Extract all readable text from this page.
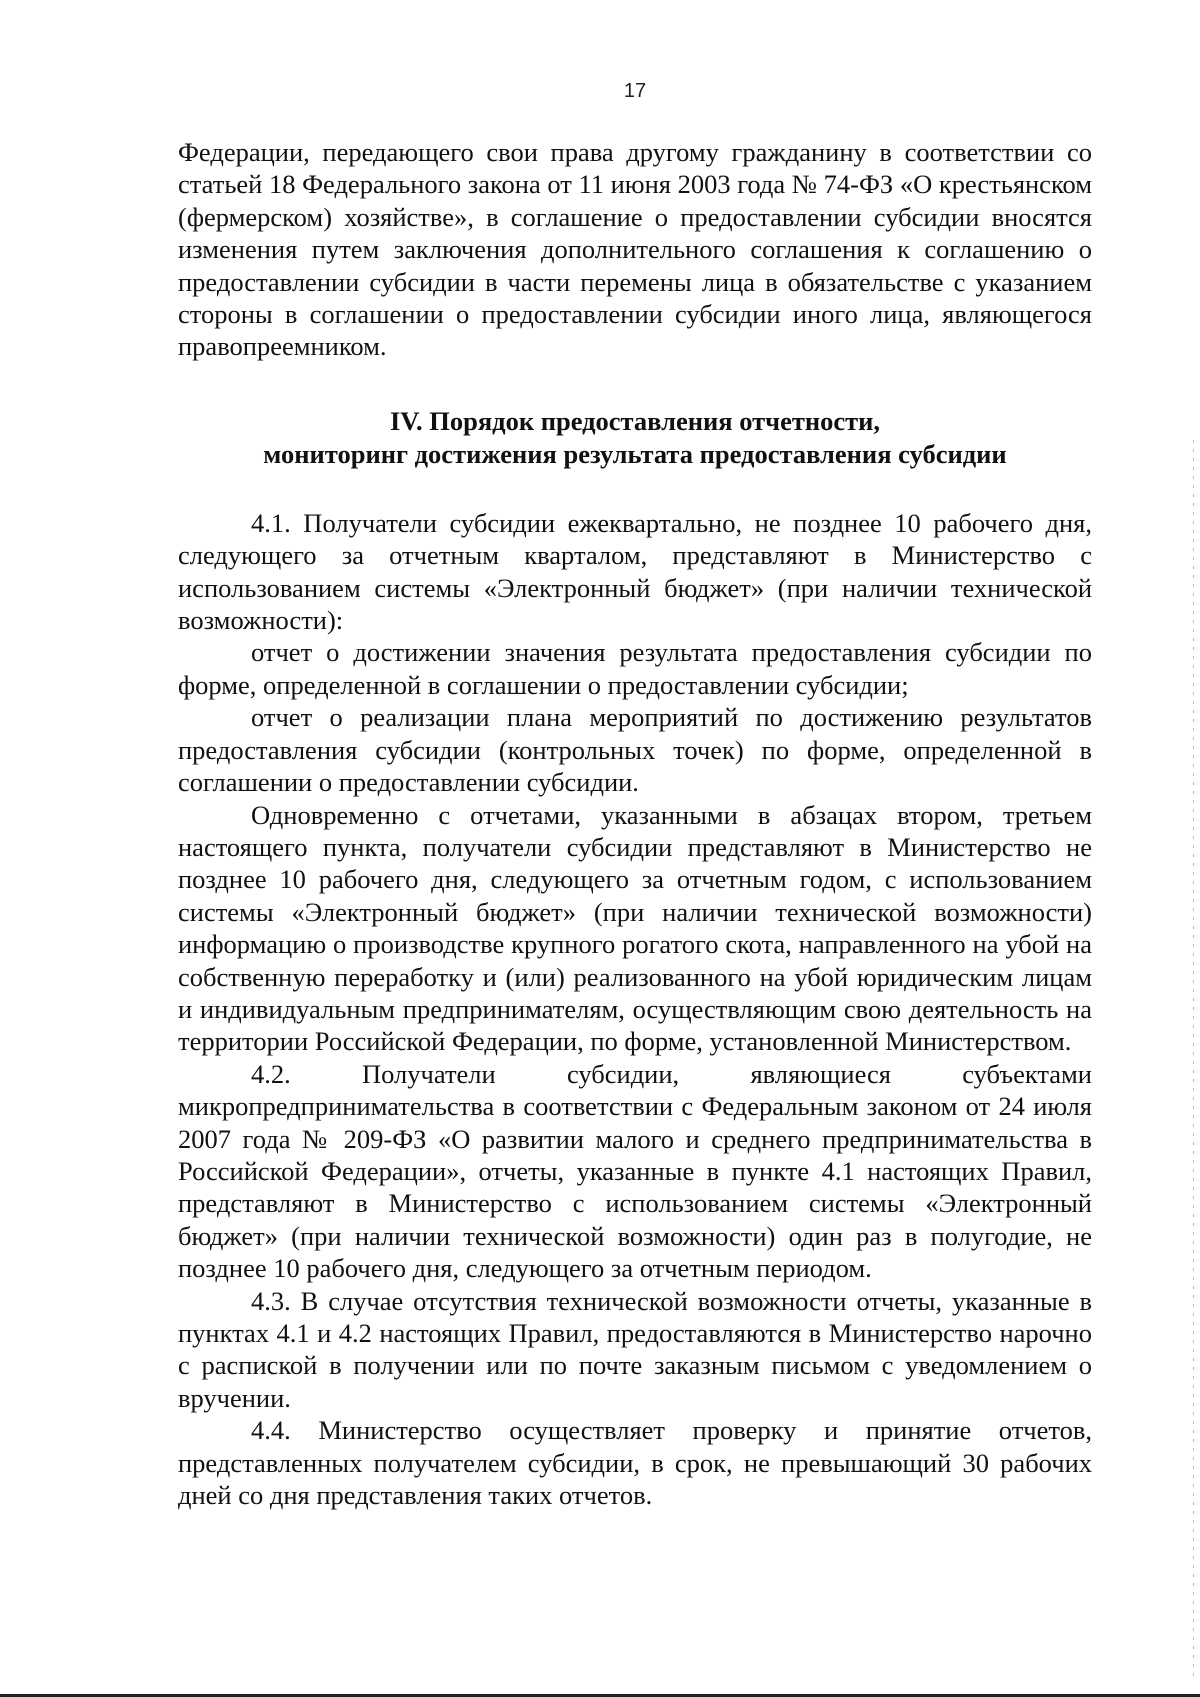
17

Федерации, передающего свои права другому гражданину в соответствии со статьей 18 Федерального закона от 11 июня 2003 года № 74-ФЗ «О крестьянском (фермерском) хозяйстве», в соглашение о предоставлении субсидии вносятся изменения путем заключения дополнительного соглашения к соглашению о предоставлении субсидии в части перемены лица в обязательстве с указанием стороны в соглашении о предоставлении субсидии иного лица, являющегося правопреемником.

IV. Порядок предоставления отчетности,
мониторинг достижения результата предоставления субсидии

4.1. Получатели субсидии ежеквартально, не позднее 10 рабочего дня, следующего за отчетным кварталом, представляют в Министерство с использованием системы «Электронный бюджет» (при наличии технической возможности):

отчет о достижении значения результата предоставления субсидии по форме, определенной в соглашении о предоставлении субсидии;

отчет о реализации плана мероприятий по достижению результатов предоставления субсидии (контрольных точек) по форме, определенной в соглашении о предоставлении субсидии.

Одновременно с отчетами, указанными в абзацах втором, третьем настоящего пункта, получатели субсидии представляют в Министерство не позднее 10 рабочего дня, следующего за отчетным годом, с использованием системы «Электронный бюджет» (при наличии технической возможности) информацию о производстве крупного рогатого скота, направленного на убой на собственную переработку и (или) реализованного на убой юридическим лицам и индивидуальным предпринимателям, осуществляющим свою деятельность на территории Российской Федерации, по форме, установленной Министерством.

4.2. Получатели субсидии, являющиеся субъектами микропредпринимательства в соответствии с Федеральным законом от 24 июля 2007 года № 209-ФЗ «О развитии малого и среднего предпринимательства в Российской Федерации», отчеты, указанные в пункте 4.1 настоящих Правил, представляют в Министерство с использованием системы «Электронный бюджет» (при наличии технической возможности) один раз в полугодие, не позднее 10 рабочего дня, следующего за отчетным периодом.

4.3. В случае отсутствия технической возможности отчеты, указанные в пунктах 4.1 и 4.2 настоящих Правил, предоставляются в Министерство нарочно с распиской в получении или по почте заказным письмом с уведомлением о вручении.

4.4. Министерство осуществляет проверку и принятие отчетов, представленных получателем субсидии, в срок, не превышающий 30 рабочих дней со дня представления таких отчетов.
